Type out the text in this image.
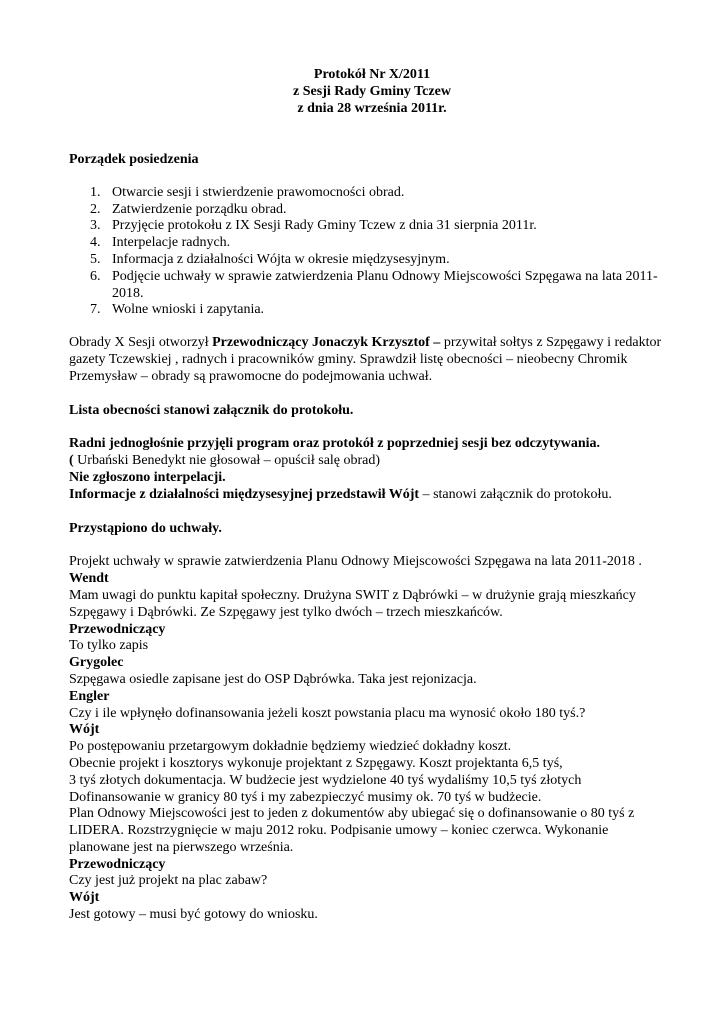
Protokół Nr X/2011
z Sesji Rady Gminy Tczew
z dnia 28 września 2011r.

Porządek posiedzenia

1. Otwarcie sesji i stwierdzenie prawomocności obrad.
2. Zatwierdzenie porządku obrad.
3. Przyjęcie protokołu z IX Sesji Rady Gminy Tczew z dnia 31 sierpnia 2011r.
4. Interpelacje radnych.
5. Informacja z działalności Wójta w okresie międzysesyjnym.
6. Podjęcie uchwały w sprawie zatwierdzenia Planu Odnowy Miejscowości Szpęgawa na lata 2011-2018.
7. Wolne wnioski i zapytania.

Obrady X Sesji otworzył Przewodniczący Jonaczyk Krzysztof – przywitał sołtys z Szpęgawy i redaktor gazety Tczewskiej , radnych i pracowników gminy. Sprawdził listę obecności – nieobecny Chromik Przemysław – obrady są prawomocne do podejmowania uchwał.

Lista obecności stanowi załącznik do protokołu.

Radni jednogłośnie przyjęli program oraz protokół z poprzedniej sesji bez odczytywania.

( Urbański Benedykt nie głosował – opuścił salę obrad)

Nie zgłoszono interpelacji.

Informacje z działalności międzysesyjnej przedstawił Wójt – stanowi załącznik do protokołu.

Przystąpiono do uchwały.

Projekt uchwały w sprawie zatwierdzenia Planu Odnowy Miejscowości Szpęgawa na lata 2011-2018 .

Wendt

Mam uwagi do punktu kapitał społeczny. Drużyna SWIT z Dąbrówki – w drużynie grają mieszkańcy Szpęgawy i Dąbrówki. Ze Szpęgawy jest tylko dwóch – trzech mieszkańców.

Przewodniczący

To tylko zapis

Grygolec

Szpęgawa osiedle zapisane jest do OSP Dąbrówka. Taka jest rejonizacja.

Engler

Czy i ile wpłynęło dofinansowania jeżeli koszt powstania placu ma wynosić około 180 tyś.?

Wójt

Po postępowaniu przetargowym dokładnie będziemy wiedzieć dokładny koszt.

Obecnie projekt i kosztorys wykonuje projektant z Szpęgawy. Koszt projektanta 6,5 tyś,

3 tyś złotych dokumentacja. W budżecie jest wydzielone 40 tyś wydaliśmy 10,5 tyś złotych

Dofinansowanie w granicy 80 tyś i my zabezpieczyć musimy ok. 70 tyś w budżecie.

Plan Odnowy Miejscowości jest to jeden z dokumentów aby ubiegać się o dofinansowanie o 80 tyś z LIDERA. Rozstrzygnięcie w maju 2012 roku. Podpisanie umowy – koniec czerwca. Wykonanie planowane jest na pierwszego września.

Przewodniczący

Czy jest już projekt na plac zabaw?

Wójt

Jest gotowy – musi być gotowy do wniosku.
